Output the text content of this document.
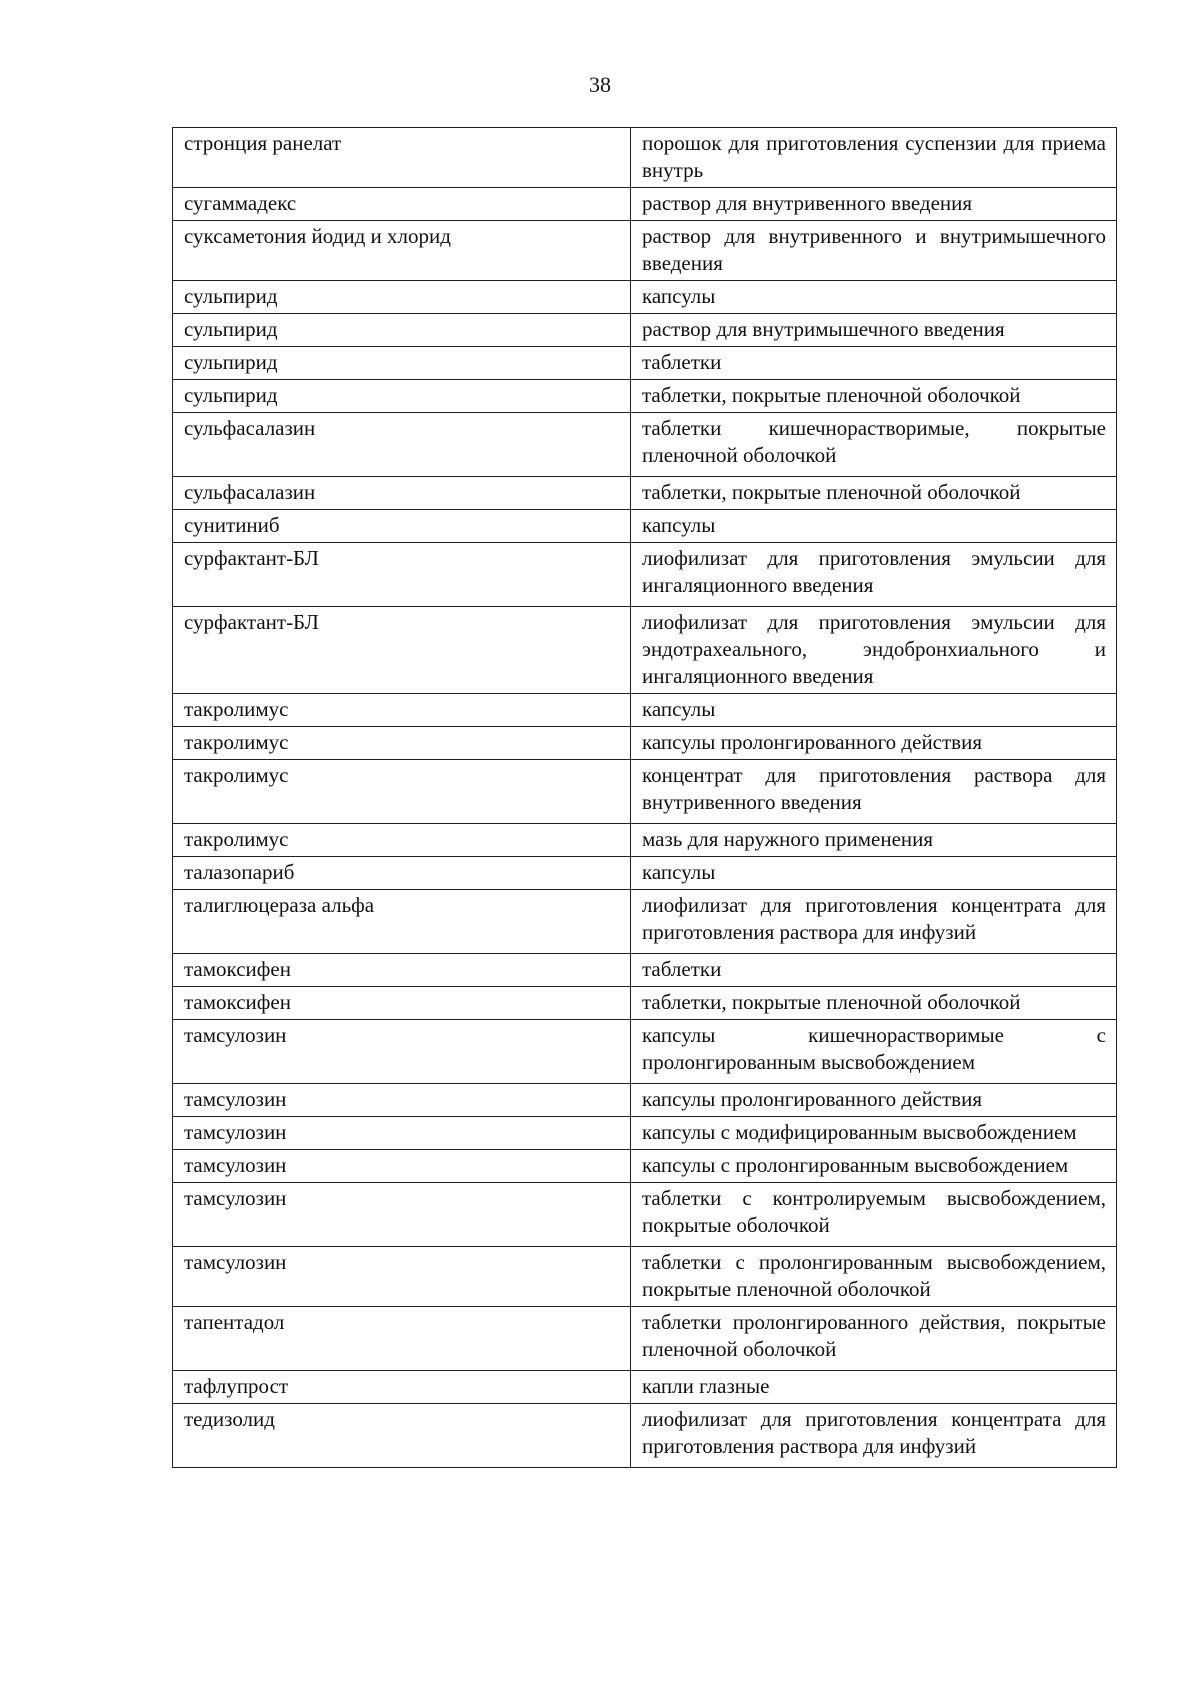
38
стронция ранелат	порошок для приготовления суспензии для приема внутрь
сугаммадекс	раствор для внутривенного введения
суксаметония йодид и хлорид	раствор для внутривенного и внутримышечного введения
сульпирид	капсулы
сульпирид	раствор для внутримышечного введения
сульпирид	таблетки
сульпирид	таблетки, покрытые пленочной оболочкой
сульфасалазин	таблетки кишечнорастворимые, покрытые пленочной оболочкой
сульфасалазин	таблетки, покрытые пленочной оболочкой
сунитиниб	капсулы
сурфактант-БЛ	лиофилизат для приготовления эмульсии для ингаляционного введения
сурфактант-БЛ	лиофилизат для приготовления эмульсии для эндотрахеального, эндобронхиального и ингаляционного введения
такролимус	капсулы
такролимус	капсулы пролонгированного действия
такролимус	концентрат для приготовления раствора для внутривенного введения
такролимус	мазь для наружного применения
талазопариб	капсулы
талиглюцераза альфа	лиофилизат для приготовления концентрата для приготовления раствора для инфузий
тамоксифен	таблетки
тамоксифен	таблетки, покрытые пленочной оболочкой
тамсулозин	капсулы кишечнорастворимые с пролонгированным высвобождением
тамсулозин	капсулы пролонгированного действия
тамсулозин	капсулы с модифицированным высвобождением
тамсулозин	капсулы с пролонгированным высвобождением
тамсулозин	таблетки с контролируемым высвобождением, покрытые оболочкой
тамсулозин	таблетки с пролонгированным высвобождением, покрытые пленочной оболочкой
тапентадол	таблетки пролонгированного действия, покрытые пленочной оболочкой
тафлупрост	капли глазные
тедизолид	лиофилизат для приготовления концентрата для приготовления раствора для инфузий
